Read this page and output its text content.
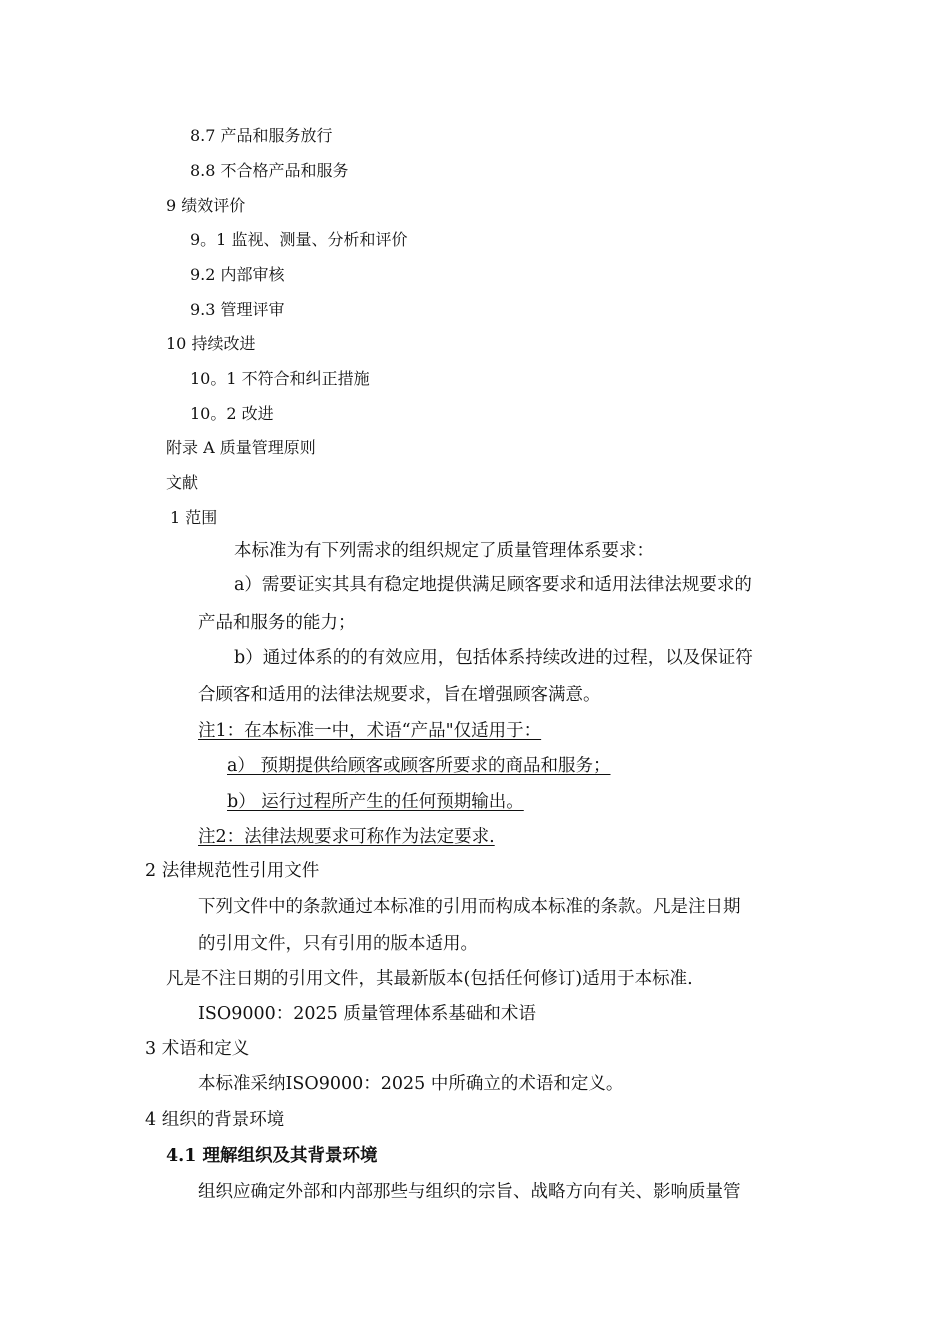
8.7 产品和服务放行
8.8 不合格产品和服务
9 绩效评价
9。1 监视、测量、分析和评价
9.2 内部审核
9.3 管理评审
10 持续改进
10。1 不符合和纠正措施
10。2 改进
附录 A 质量管理原则
文献
1 范围
本标准为有下列需求的组织规定了质量管理体系要求：
a）需要证实其具有稳定地提供满足顾客要求和适用法律法规要求的
产品和服务的能力；
b）通过体系的的有效应用，包括体系持续改进的过程，以及保证符
合顾客和适用的法律法规要求，旨在增强顾客满意。
注1：在本标准一中，术语“产品"仅适用于：
a） 预期提供给顾客或顾客所要求的商品和服务；
b） 运行过程所产生的任何预期输出。
注2：法律法规要求可称作为法定要求.
2 法律规范性引用文件
下列文件中的条款通过本标准的引用而构成本标准的条款。凡是注日期
的引用文件，只有引用的版本适用。
凡是不注日期的引用文件，其最新版本(包括任何修订)适用于本标准.
ISO9000：2025 质量管理体系基础和术语
3 术语和定义
本标准采纳ISO9000：2025 中所确立的术语和定义。
4 组织的背景环境
4.1 理解组织及其背景环境
组织应确定外部和内部那些与组织的宗旨、战略方向有关、影响质量管
